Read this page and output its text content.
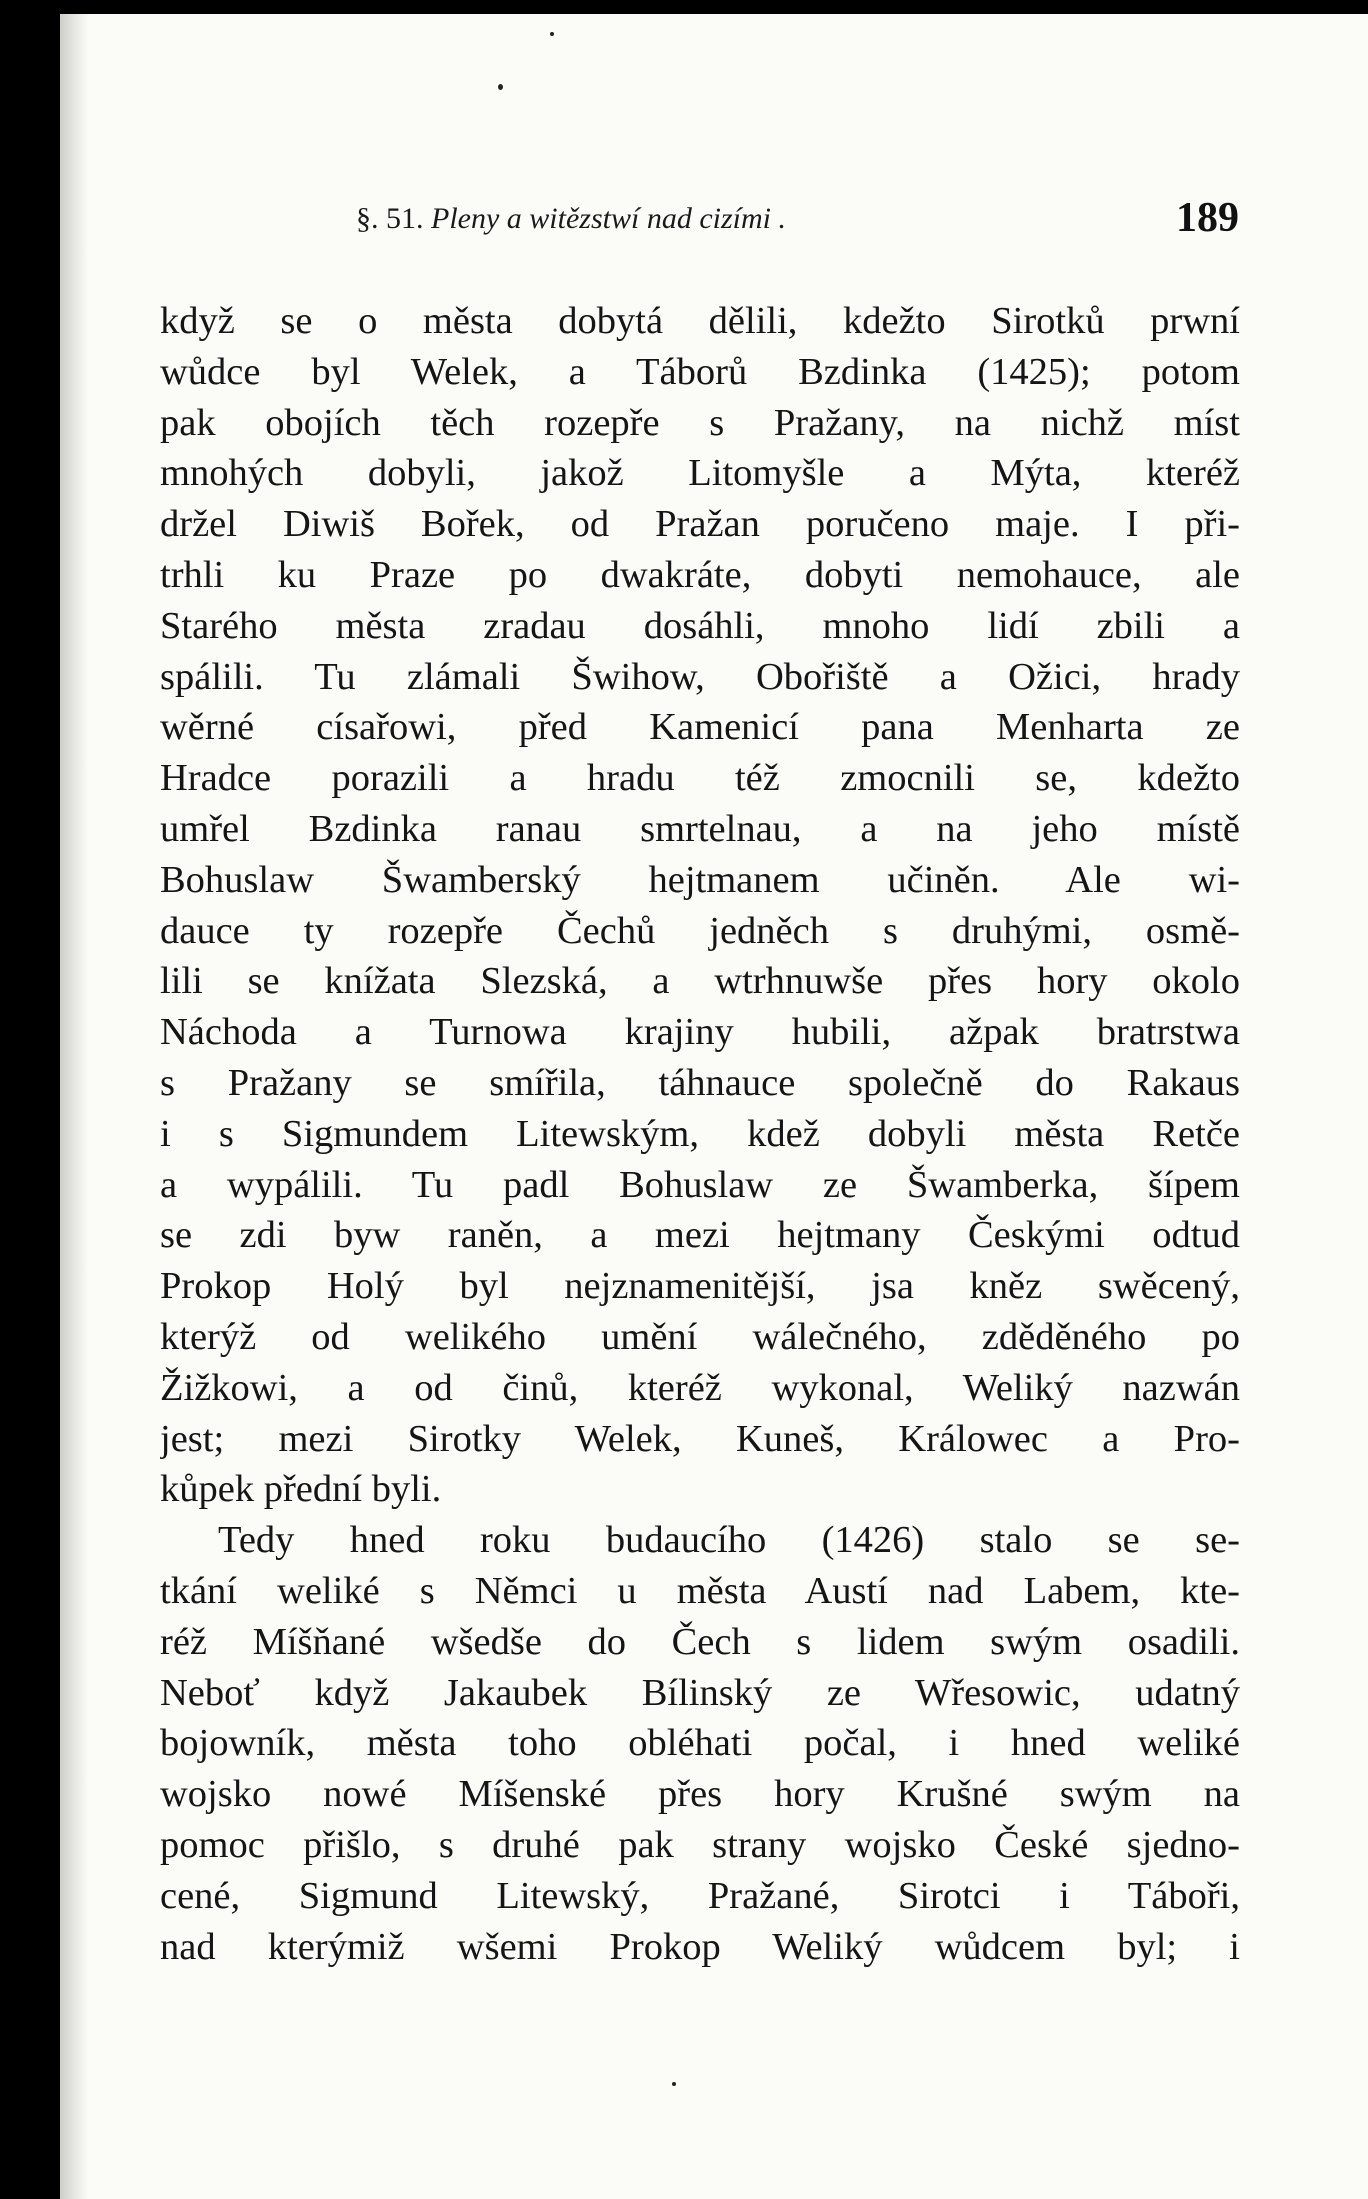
§. 51. Pleny a witězstwí nad cizími .	189
když se o města dobytá dělili, kdežto Sirotků prwní
wůdce byl Welek, a Táborů Bzdinka (1425); potom
pak obojích těch rozepře s Pražany, na nichž míst
mnohých dobyli, jakož Litomyšle a Mýta, kteréž
držel Diwiš Bořek, od Pražan poručeno maje. I při-
trhli ku Praze po dwakráte, dobyti nemohauce, ale
Starého města zradau dosáhli, mnoho lidí zbili a
spálili. Tu zlámali Šwihow, Obořiště a Ožici, hrady
wěrné císařowi, před Kamenicí pana Menharta ze
Hradce porazili a hradu též zmocnili se, kdežto
umřel Bzdinka ranau smrtelnau, a na jeho místě
Bohuslaw Šwamberský hejtmanem učiněn. Ale wi-
dauce ty rozepře Čechů jedněch s druhými, osmě-
lili se knížata Slezská, a wtrhnuwše přes hory okolo
Náchoda a Turnowa krajiny hubili, ažpak bratrstwa
s Pražany se smířila, táhnauce společně do Rakaus
i s Sigmundem Litewským, kdež dobyli města Retče
a wypálili. Tu padl Bohuslaw ze Šwamberka, šípem
se zdi byw raněn, a mezi hejtmany Českými odtud
Prokop Holý byl nejznamenitější, jsa kněz swěcený,
kterýž od welikého umění wálečného, zděděného po
Žižkowi, a od činů, kteréž wykonal, Weliký nazwán
jest; mezi Sirotky Welek, Kuneš, Králowec a Pro-
kůpek přední byli.
Tedy hned roku budaucího (1426) stalo se se-
tkání weliké s Němci u města Austí nad Labem, kte-
réž Míšňané wšedše do Čech s lidem swým osadili.
Neboť když Jakaubek Bílinský ze Wřesowic, udatný
bojowník, města toho obléhati počal, i hned weliké
wojsko nowé Míšenské přes hory Krušné swým na
pomoc přišlo, s druhé pak strany wojsko České sjedno-
cené, Sigmund Litewský, Pražané, Sirotci i Táboři,
nad kterýmiž wšemi Prokop Weliký wůdcem byl; i
